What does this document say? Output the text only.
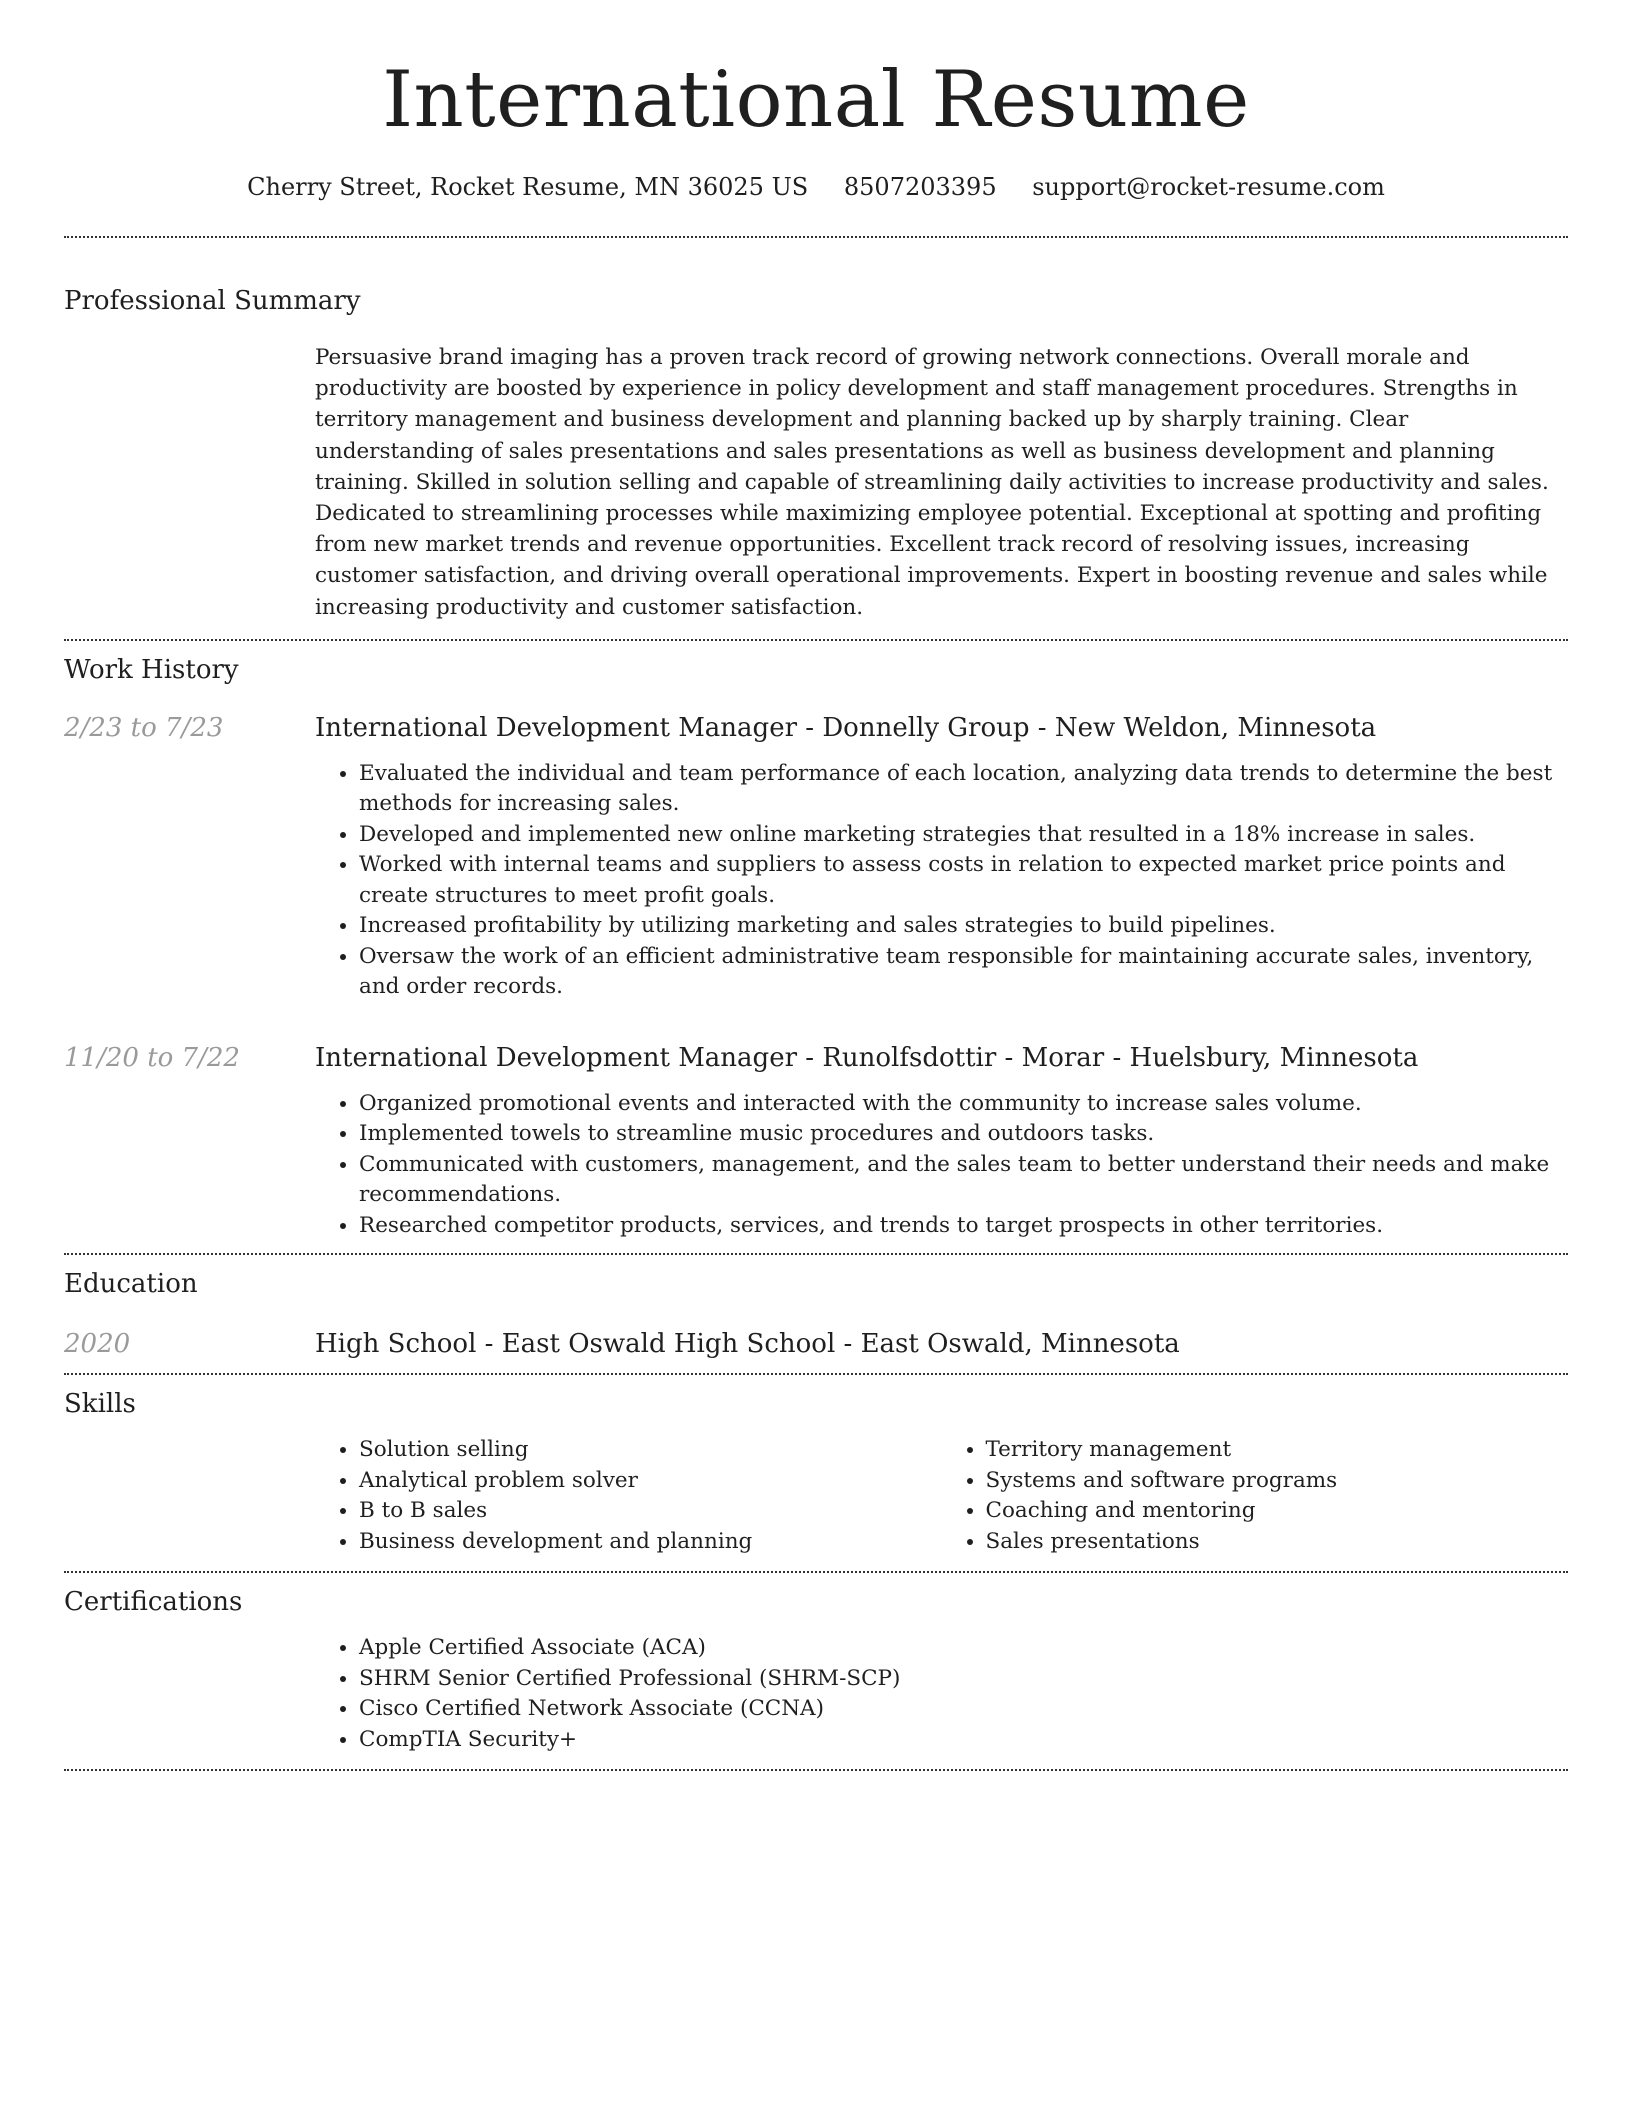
International Resume
Cherry Street, Rocket Resume, MN 36025 US 8507203395 support@rocket-resume.com
Professional Summary

Persuasive brand imaging has a proven track record of growing network connections. Overall morale and productivity are boosted by experience in policy development and staff management procedures. Strengths in territory management and business development and planning backed up by sharply training. Clear understanding of sales presentations and sales presentations as well as business development and planning training. Skilled in solution selling and capable of streamlining daily activities to increase productivity and sales. Dedicated to streamlining processes while maximizing employee potential. Exceptional at spotting and profiting from new market trends and revenue opportunities. Excellent track record of resolving issues, increasing customer satisfaction, and driving overall operational improvements. Expert in boosting revenue and sales while increasing productivity and customer satisfaction.

Work History
2/23 to 7/23	International Development Manager - Donnelly Group - New Weldon, Minnesota
• Evaluated the individual and team performance of each location, analyzing data trends to determine the best methods for increasing sales.
• Developed and implemented new online marketing strategies that resulted in a 18% increase in sales.
• Worked with internal teams and suppliers to assess costs in relation to expected market price points and create structures to meet profit goals.
• Increased profitability by utilizing marketing and sales strategies to build pipelines.
• Oversaw the work of an efficient administrative team responsible for maintaining accurate sales, inventory, and order records.
11/20 to 7/22	International Development Manager - Runolfsdottir - Morar - Huelsbury, Minnesota
• Organized promotional events and interacted with the community to increase sales volume.
• Implemented towels to streamline music procedures and outdoors tasks.
• Communicated with customers, management, and the sales team to better understand their needs and make recommendations.
• Researched competitor products, services, and trends to target prospects in other territories.
Education
2020	High School - East Oswald High School - East Oswald, Minnesota
Skills
• Solution selling
• Analytical problem solver
• B to B sales
• Business development and planning
• Territory management
• Systems and software programs
• Coaching and mentoring
• Sales presentations
Certifications
• Apple Certified Associate (ACA)
• SHRM Senior Certified Professional (SHRM-SCP)
• Cisco Certified Network Associate (CCNA)
• CompTIA Security+
